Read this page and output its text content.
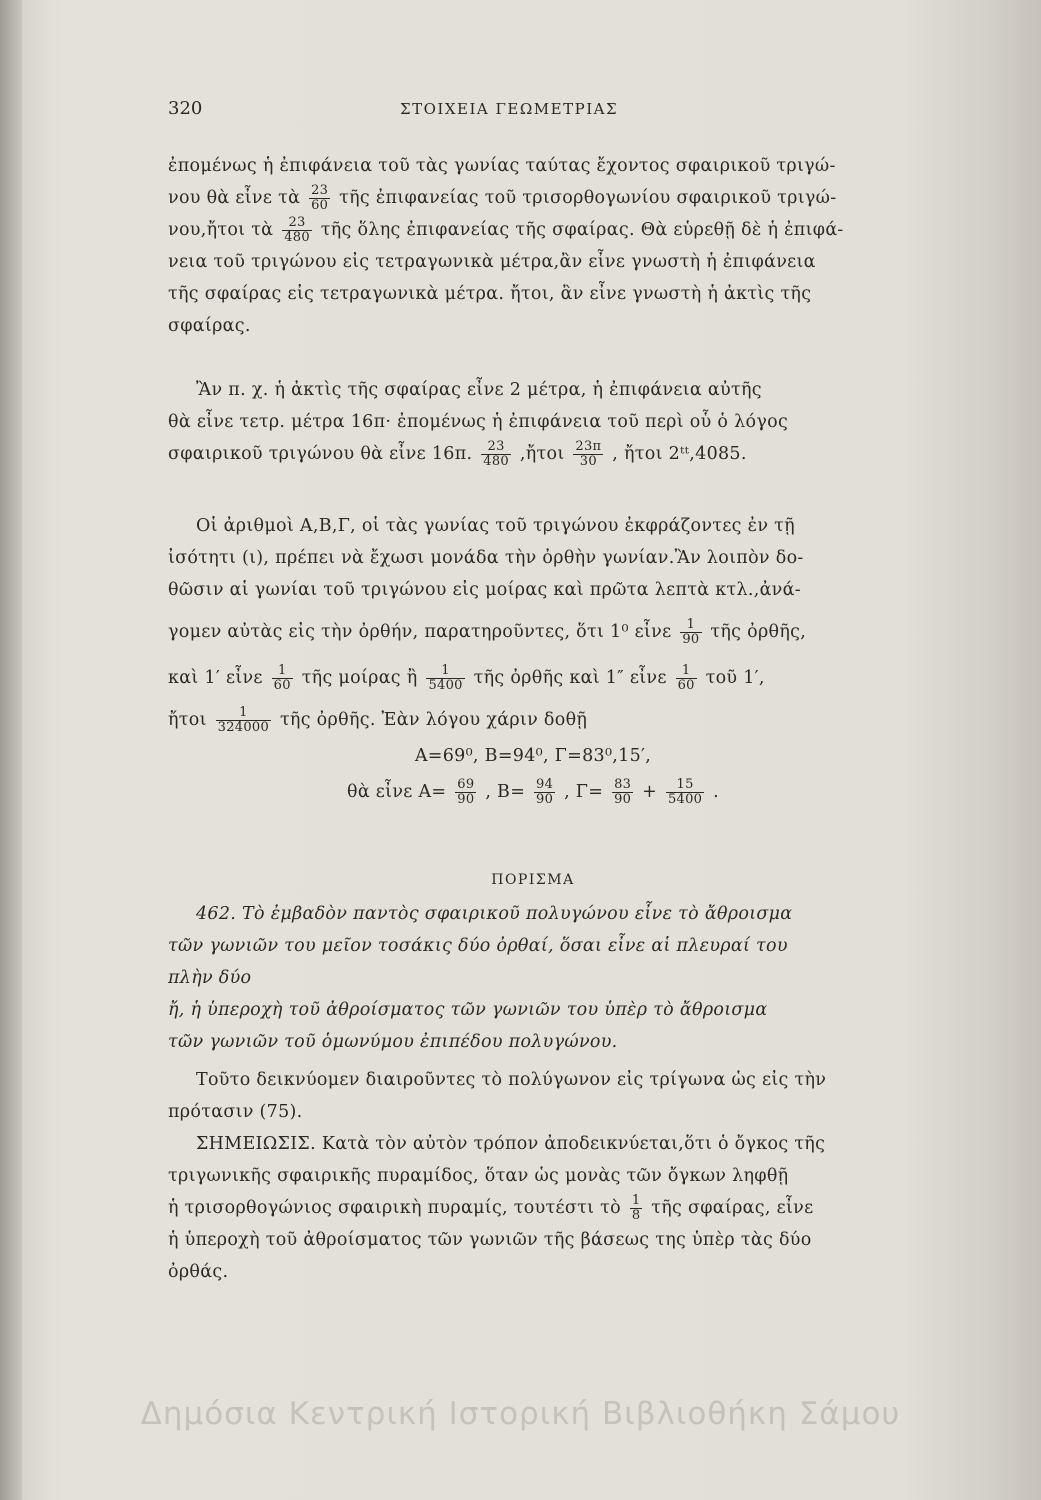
320	ΣΤΟΙΧΕΙΑ ΓΕΩΜΕΤΡΙΑΣ
ἐπομένως ἡ ἐπιφάνεια τοῦ τὰς γωνίας ταύτας ἔχοντος σφαιρικοῦ τριγώ-
νου θὰ εἶνε τὰ $\frac{23}{60}$ τῆς ἐπιφανείας τοῦ τρισορθογωνίου σφαιρικοῦ τριγώ-
νου,ἤτοι τὰ $\frac{23}{480}$ τῆς ὅλης ἐπιφανείας τῆς σφαίρας. Θὰ εὑρεθῇ δὲ ἡ ἐπιφά-
νεια τοῦ τριγώνου εἰς τετραγωνικὰ μέτρα,ἂν εἶνε γνωστὴ ἡ ἐπιφάνεια
τῆς σφαίρας εἰς τετραγωνικὰ μέτρα. ἤτοι, ἂν εἶνε γνωστὴ ἡ ἀκτὶς τῆς
σφαίρας.
Ἂν π. χ. ἡ ἀκτὶς τῆς σφαίρας εἶνε 2 μέτρα, ἡ ἐπιφάνεια αὐτῆς
θὰ εἶνε τετρ. μέτρα 16π· ἐπομένως ἡ ἐπιφάνεια τοῦ περὶ οὗ ὁ λόγος
σφαιρικοῦ τριγώνου θὰ εἶνε 16π. $\frac{23}{480}$ ,ἤτοι $\frac{23\pi}{30}$ , ἤτοι 2ᵗᵗ,4085.
Οἱ ἀριθμοὶ Α,Β,Γ, οἱ τὰς γωνίας τοῦ τριγώνου ἐκφράζοντες ἐν τῇ
ἰσότητι (ι), πρέπει νὰ ἔχωσι μονάδα τὴν ὀρθὴν γωνίαν.Ἂν λοιπὸν δο-
θῶσιν αἱ γωνίαι τοῦ τριγώνου εἰς μοίρας καὶ πρῶτα λεπτὰ κτλ.,ἀνά-
γομεν αὐτὰς εἰς τὴν ὀρθήν, παρατηροῦντες, ὅτι 1⁰ εἶνε $\frac{1}{90}$ τῆς ὀρθῆς,
καὶ 1′ εἶνε $\frac{1}{60}$ τῆς μοίρας ἢ $\frac{1}{5400}$ τῆς ὀρθῆς καὶ 1″ εἶνε $\frac{1}{60}$ τοῦ 1′,
ἤτοι $\frac{1}{324000}$ τῆς ὀρθῆς. Ἐὰν λόγου χάριν δοθῇ
Α=69⁰, Β=94⁰, Γ=83⁰,15′,
θὰ εἶνε $A= \frac{69}{90}$ , $B= \frac{94}{90}$ , $\Gamma= \frac{83}{90} + \frac{15}{5400}$ .
ΠΟΡΙΣΜΑ
462. Τὸ ἐμβαδὸν παντὸς σφαιρικοῦ πολυγώνου εἶνε τὸ ἄθροισμα
τῶν γωνιῶν του μεῖον τοσάκις δύο ὀρθαί, ὅσαι εἶνε αἱ πλευραί του
πλὴν δύο
ἤ, ἡ ὑπεροχὴ τοῦ ἀθροίσματος τῶν γωνιῶν του ὑπὲρ τὸ ἄθροισμα
τῶν γωνιῶν τοῦ ὁμωνύμου ἐπιπέδου πολυγώνου.
Τοῦτο δεικνύομεν διαιροῦντες τὸ πολύγωνον εἰς τρίγωνα ὡς εἰς τὴν
πρότασιν (75).
ΣΗΜΕΙΩΣΙΣ. Κατὰ τὸν αὐτὸν τρόπον ἀποδεικνύεται,ὅτι ὁ ὄγκος τῆς
τριγωνικῆς σφαιρικῆς πυραμίδος, ὅταν ὡς μονὰς τῶν ὄγκων ληφθῇ
ἡ τρισορθογώνιος σφαιρικὴ πυραμίς, τουτέστι τὸ $\frac{1}{8}$ τῆς σφαίρας, εἶνε
ἡ ὑπεροχὴ τοῦ ἀθροίσματος τῶν γωνιῶν τῆς βάσεως της ὑπὲρ τὰς δύο
ὀρθάς.
Δημόσια Κεντρική Ιστορική Βιβλιοθήκη Σάμου
